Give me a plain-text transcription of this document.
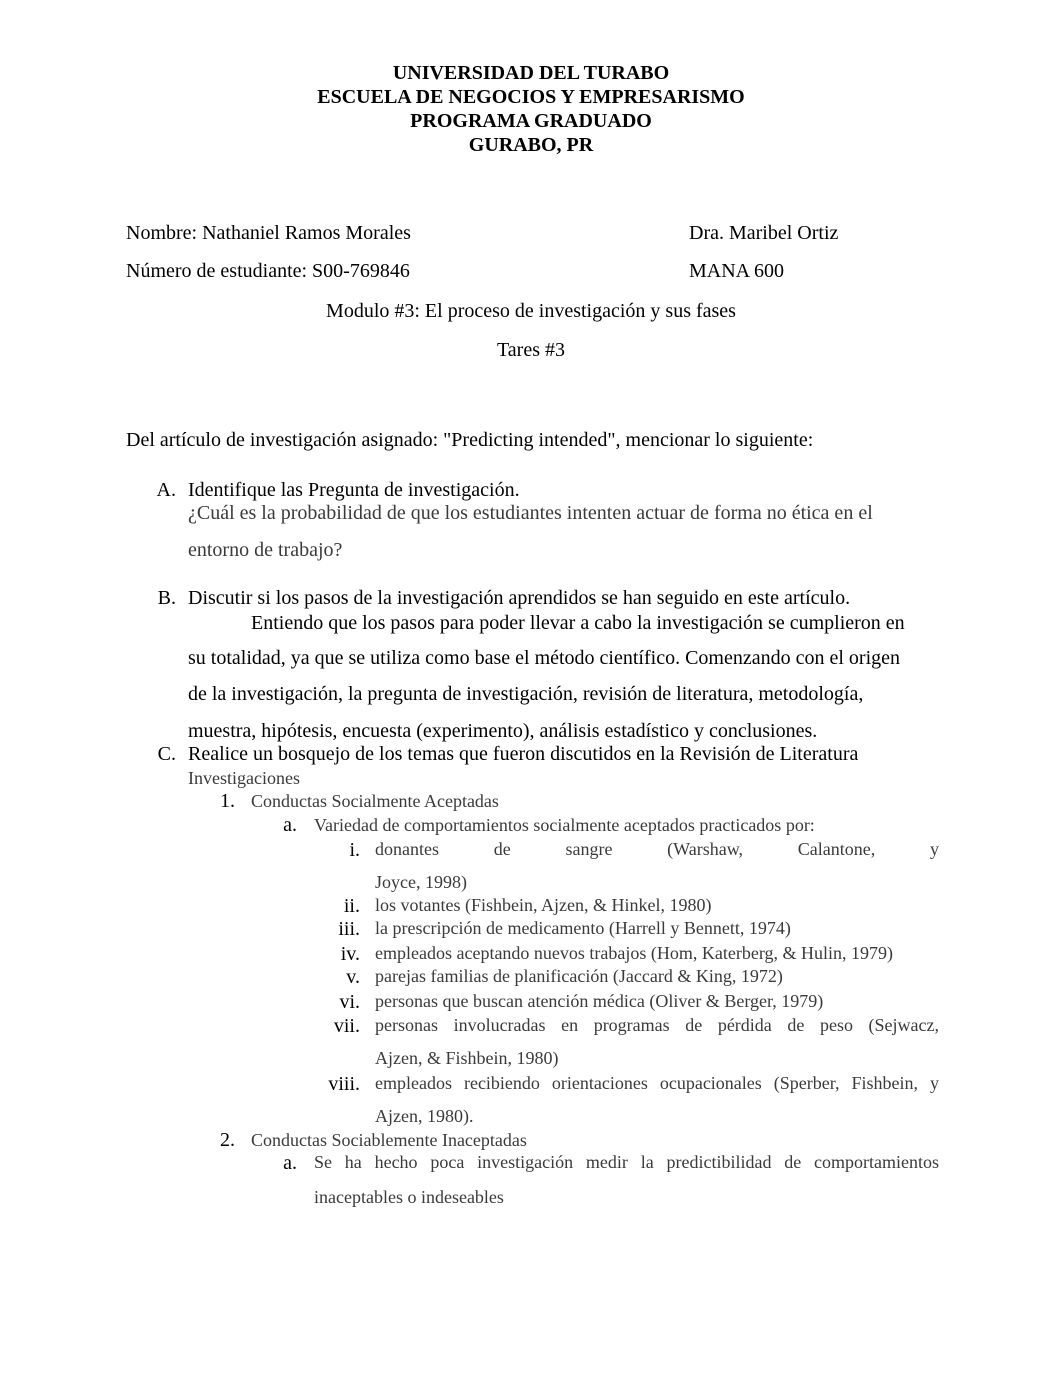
UNIVERSIDAD DEL TURABO
ESCUELA DE NEGOCIOS Y EMPRESARISMO
PROGRAMA GRADUADO
GURABO, PR
Nombre: Nathaniel Ramos Morales	Dra. Maribel Ortiz
Número de estudiante: S00-769846	MANA 600
Modulo #3: El proceso de investigación y sus fases
Tares #3
Del artículo de investigación asignado: "Predicting intended", mencionar lo siguiente:
A. Identifique las Pregunta de investigación.
¿Cuál es la probabilidad de que los estudiantes intenten actuar de forma no ética en el
entorno de trabajo?
B. Discutir si los pasos de la investigación aprendidos se han seguido en este artículo.
Entiendo que los pasos para poder llevar a cabo la investigación se cumplieron en
su totalidad, ya que se utiliza como base el método científico. Comenzando con el origen
de la investigación, la pregunta de investigación, revisión de literatura, metodología,
muestra, hipótesis, encuesta (experimento), análisis estadístico y conclusiones.
C. Realice un bosquejo de los temas que fueron discutidos en la Revisión de Literatura
Investigaciones
1. Conductas Socialmente Aceptadas
a. Variedad de comportamientos socialmente aceptados practicados por:
i. donantes	de	sangre	(Warshaw,	Calantone,	y
Joyce, 1998)
ii. los votantes (Fishbein, Ajzen, & Hinkel, 1980)
iii. la prescripción de medicamento (Harrell y Bennett, 1974)
iv. empleados aceptando nuevos trabajos (Hom, Katerberg, & Hulin, 1979)
v. parejas familias de planificación (Jaccard & King, 1972)
vi. personas que buscan atención médica (Oliver & Berger, 1979)
vii. personas involucradas en programas de pérdida de peso (Sejwacz,
Ajzen, & Fishbein, 1980)
viii. empleados recibiendo orientaciones ocupacionales (Sperber, Fishbein, y
Ajzen, 1980).
2. Conductas Sociablemente Inaceptadas
a. Se ha hecho poca investigación medir la predictibilidad de comportamientos
inaceptables o indeseables
